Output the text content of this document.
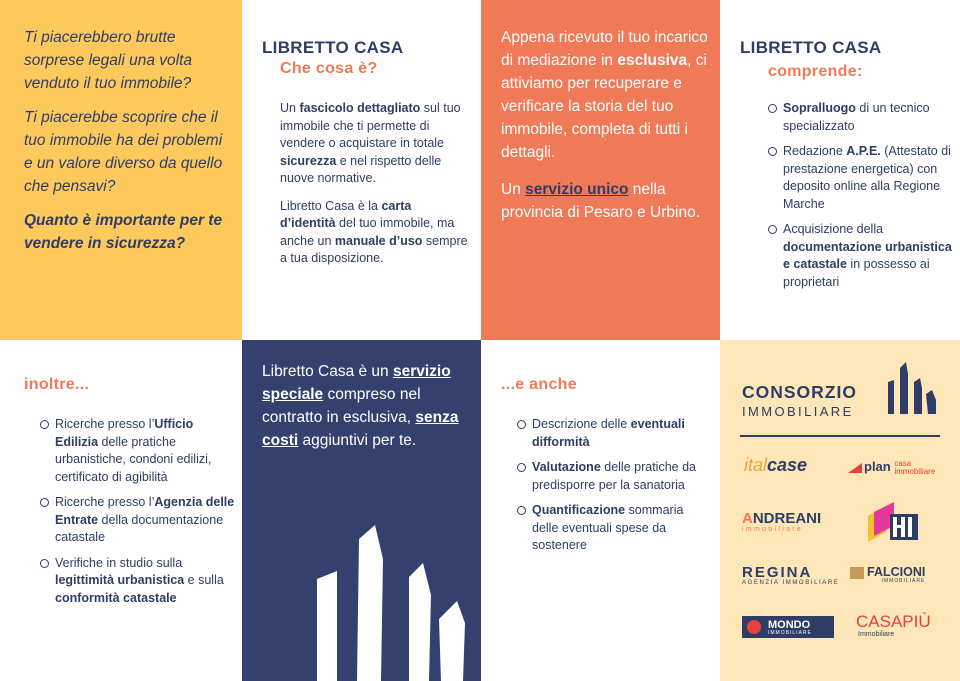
Ti piacerebbero brutte sorprese legali una volta venduto il tuo immobile?

Ti piacerebbe scoprire che il tuo immobile ha dei problemi e un valore diverso da quello che pensavi?

Quanto è importante per te vendere in sicurezza?

LIBRETTO CASA
Che cosa è?

Un fascicolo dettagliato sul tuo immobile che ti permette di vendere o acquistare in totale sicurezza e nel rispetto delle nuove normative.

Libretto Casa è la carta d’identità del tuo immobile, ma anche un manuale d’uso sempre a tua disposizione.

Appena ricevuto il tuo incarico di mediazione in esclusiva, ci attiviamo per recuperare e verificare la storia del tuo immobile, completa di tutti i dettagli.

Un servizio unico nella provincia di Pesaro e Urbino.

LIBRETTO CASA
comprende:
Sopralluogo di un tecnico specializzato
Redazione A.P.E. (Attestato di prestazione energetica) con deposito online alla Regione Marche
Acquisizione della documentazione urbanistica e catastale in possesso ai proprietari
inoltre...
Ricerche presso l’Ufficio Edilizia delle pratiche urbanistiche, condoni edilizi, certificato di agibilità
Ricerche presso l’Agenzia delle Entrate della documentazione catastale
Verifiche in studio sulla legittimità urbanistica e sulla conformità catastale
Libretto Casa è un servizio speciale compreso nel contratto in esclusiva, senza costi aggiuntivi per te.
...e anche
Descrizione delle eventuali difformità
Valutazione delle pratiche da predisporre per la sanatoria
Quantificazione sommaria delle eventuali spese da sostenere
CONSORZIO
IMMOBILIARE
italcase	plan casa
immobiliare
ANDREANI
immobiliare
REGINA
AGENZIA IMMOBILIARE
FALCIONI
IMMOBILIARE
MONDO
IMMOBILIARE
CASAPIÙ
Immobiliare
